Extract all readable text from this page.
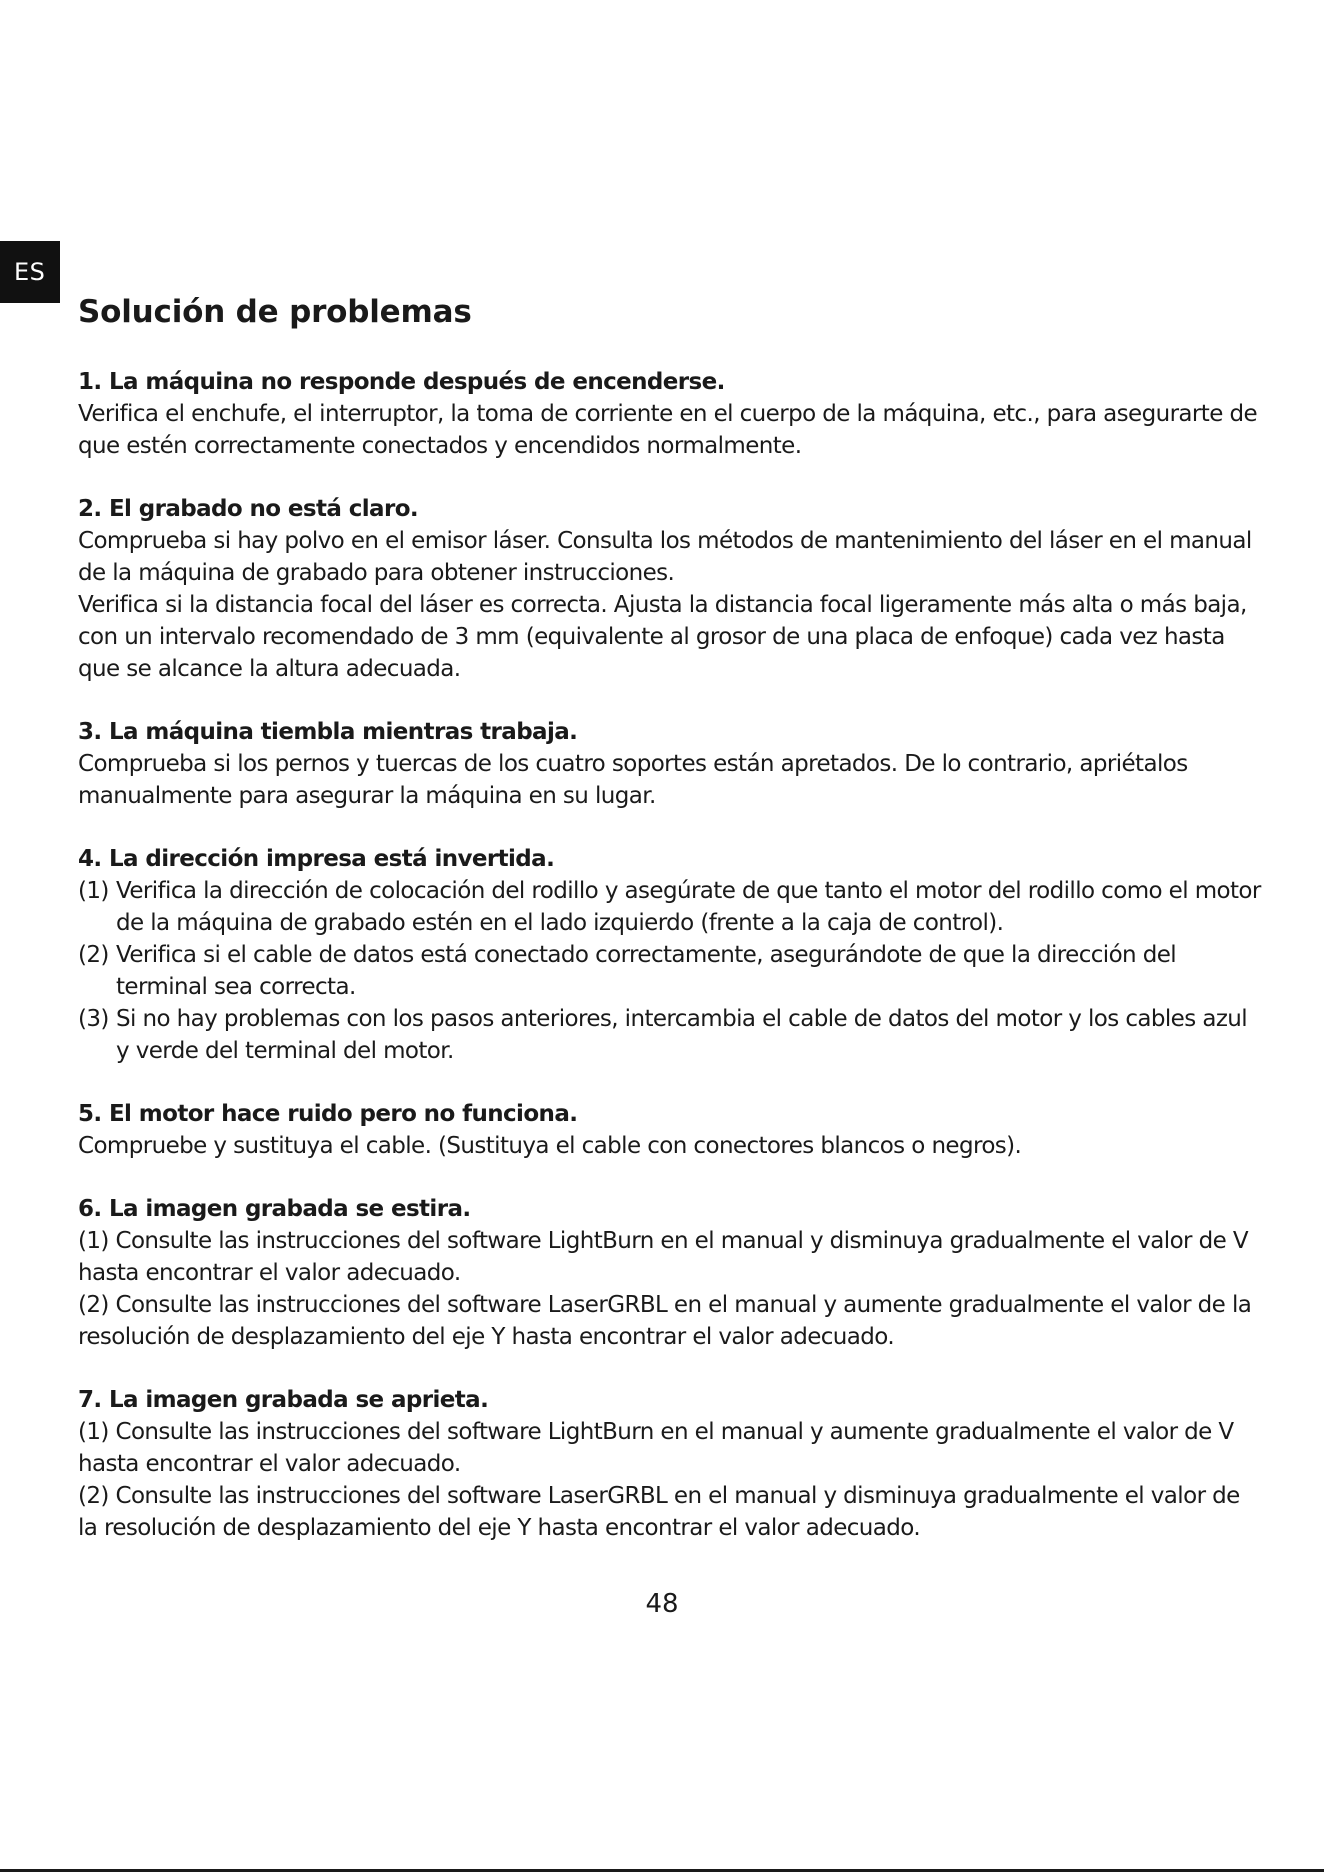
ES
Solución de problemas

1. La máquina no responde después de encenderse.

Verifica el enchufe, el interruptor, la toma de corriente en el cuerpo de la máquina, etc., para asegurarte de que estén correctamente conectados y encendidos normalmente.

2. El grabado no está claro.

Comprueba si hay polvo en el emisor láser. Consulta los métodos de mantenimiento del láser en el manual de la máquina de grabado para obtener instrucciones.

Verifica si la distancia focal del láser es correcta. Ajusta la distancia focal ligeramente más alta o más baja, con un intervalo recomendado de 3 mm (equivalente al grosor de una placa de enfoque) cada vez hasta que se alcance la altura adecuada.

3. La máquina tiembla mientras trabaja.

Comprueba si los pernos y tuercas de los cuatro soportes están apretados. De lo contrario, apriétalos manualmente para asegurar la máquina en su lugar.

4. La dirección impresa está invertida.

(1) Verifica la dirección de colocación del rodillo y asegúrate de que tanto el motor del rodillo como el motor de la máquina de grabado estén en el lado izquierdo (frente a la caja de control).
(2) Verifica si el cable de datos está conectado correctamente, asegurándote de que la dirección del terminal sea correcta.
(3) Si no hay problemas con los pasos anteriores, intercambia el cable de datos del motor y los cables azul y verde del terminal del motor.

5. El motor hace ruido pero no funciona.

Compruebe y sustituya el cable. (Sustituya el cable con conectores blancos o negros).

6. La imagen grabada se estira.

(1) Consulte las instrucciones del software LightBurn en el manual y disminuya gradualmente el valor de V hasta encontrar el valor adecuado.

(2) Consulte las instrucciones del software LaserGRBL en el manual y aumente gradualmente el valor de la resolución de desplazamiento del eje Y hasta encontrar el valor adecuado.

7. La imagen grabada se aprieta.

(1) Consulte las instrucciones del software LightBurn en el manual y aumente gradualmente el valor de V hasta encontrar el valor adecuado.

(2) Consulte las instrucciones del software LaserGRBL en el manual y disminuya gradualmente el valor de la resolución de desplazamiento del eje Y hasta encontrar el valor adecuado.

48
